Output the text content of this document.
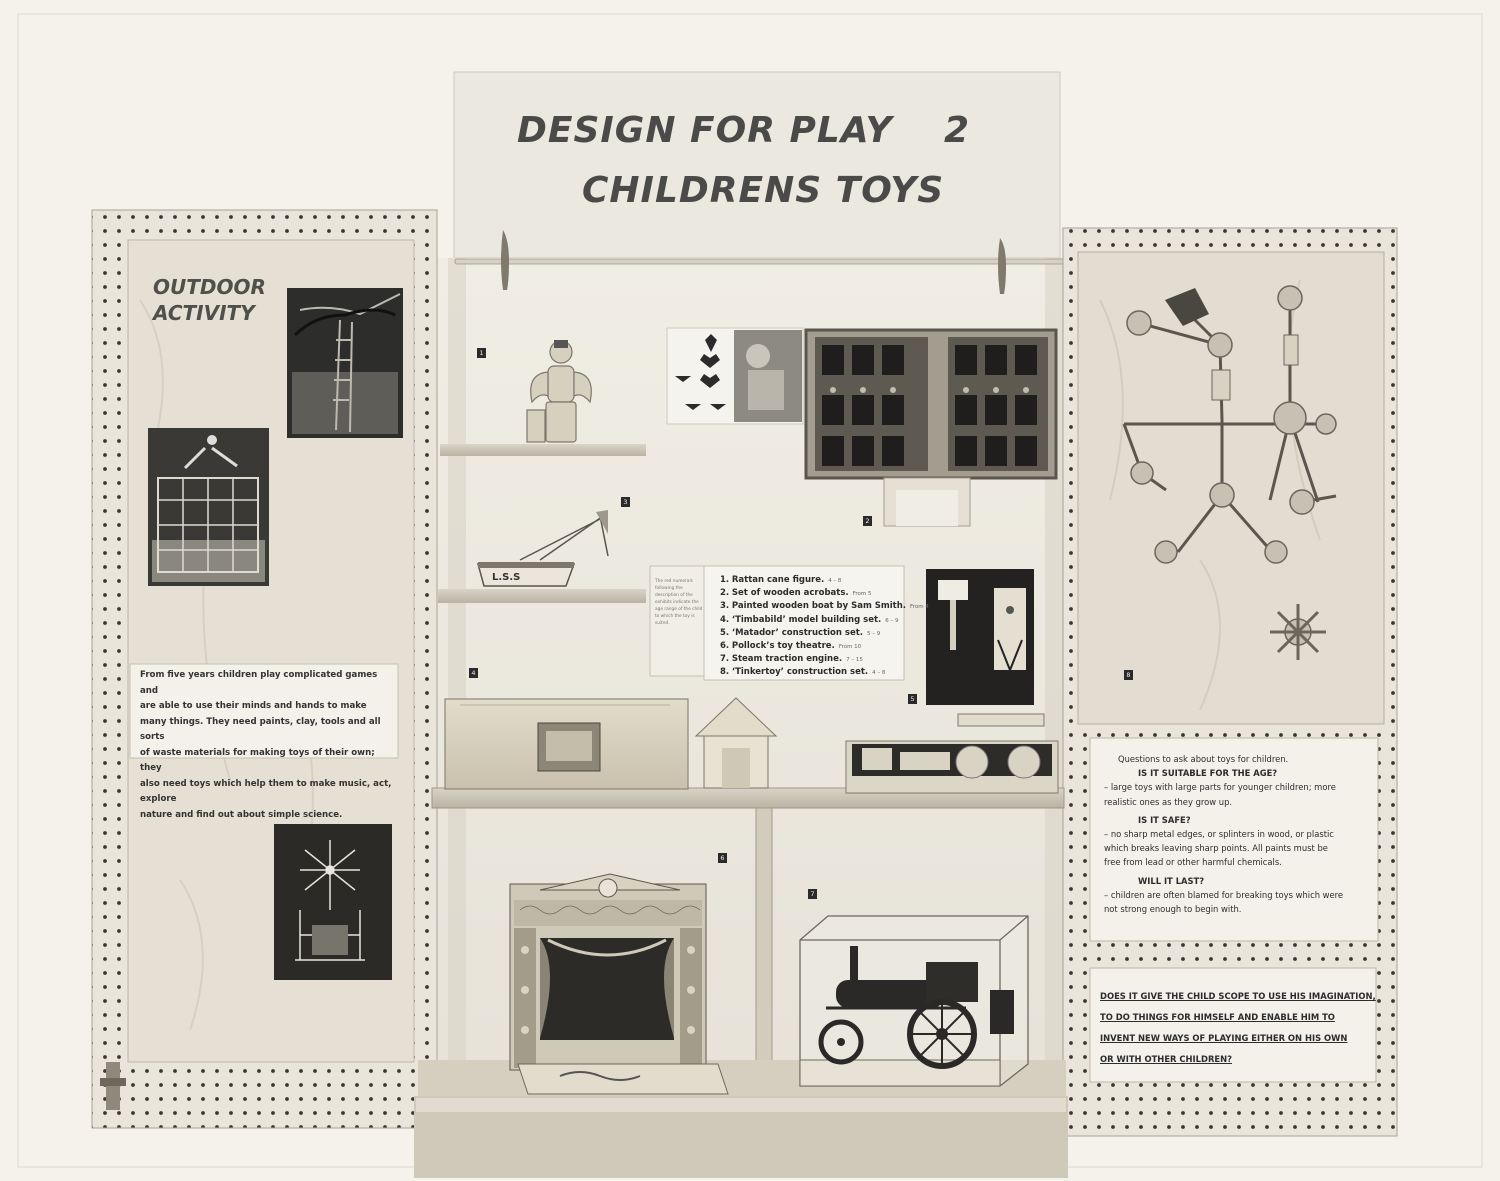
L.S.S
DESIGN FOR PLAY 2
CHILDRENS TOYS
OUTDOOR
ACTIVITY

From five years children play complicated games and

are able to use their minds and hands to make

many things. They need paints, clay, tools and all sorts

of waste materials for making toys of their own; they

also need toys which help them to make music, act, explore

nature and find out about simple science.

The red numerals following the description of the exhibits indicate the age range of the child to which the toy is suited.
1. Rattan cane figure. 4 – 8
2. Set of wooden acrobats. From 5
3. Painted wooden boat by Sam Smith. From 4
4. ‘Timbabild’ model building set. 6 – 9
5. ‘Matador’ construction set. 5 – 9
6. Pollock’s toy theatre. From 10
7. Steam traction engine. 7 – 15
8. ‘Tinkertoy’ construction set. 4 – 8
1
2
3
4
5
6
7
8
Questions to ask about toys for children.
IS IT SUITABLE FOR THE AGE?
– large toys with large parts for younger children; more
realistic ones as they grow up.
IS IT SAFE?
– no sharp metal edges, or splinters in wood, or plastic
which breaks leaving sharp points. All paints must be
free from lead or other harmful chemicals.
WILL IT LAST?
– children are often blamed for breaking toys which were
not strong enough to begin with.
DOES IT GIVE THE CHILD SCOPE TO USE HIS IMAGINATION,
TO DO THINGS FOR HIMSELF AND ENABLE HIM TO
INVENT NEW WAYS OF PLAYING EITHER ON HIS OWN
OR WITH OTHER CHILDREN?
